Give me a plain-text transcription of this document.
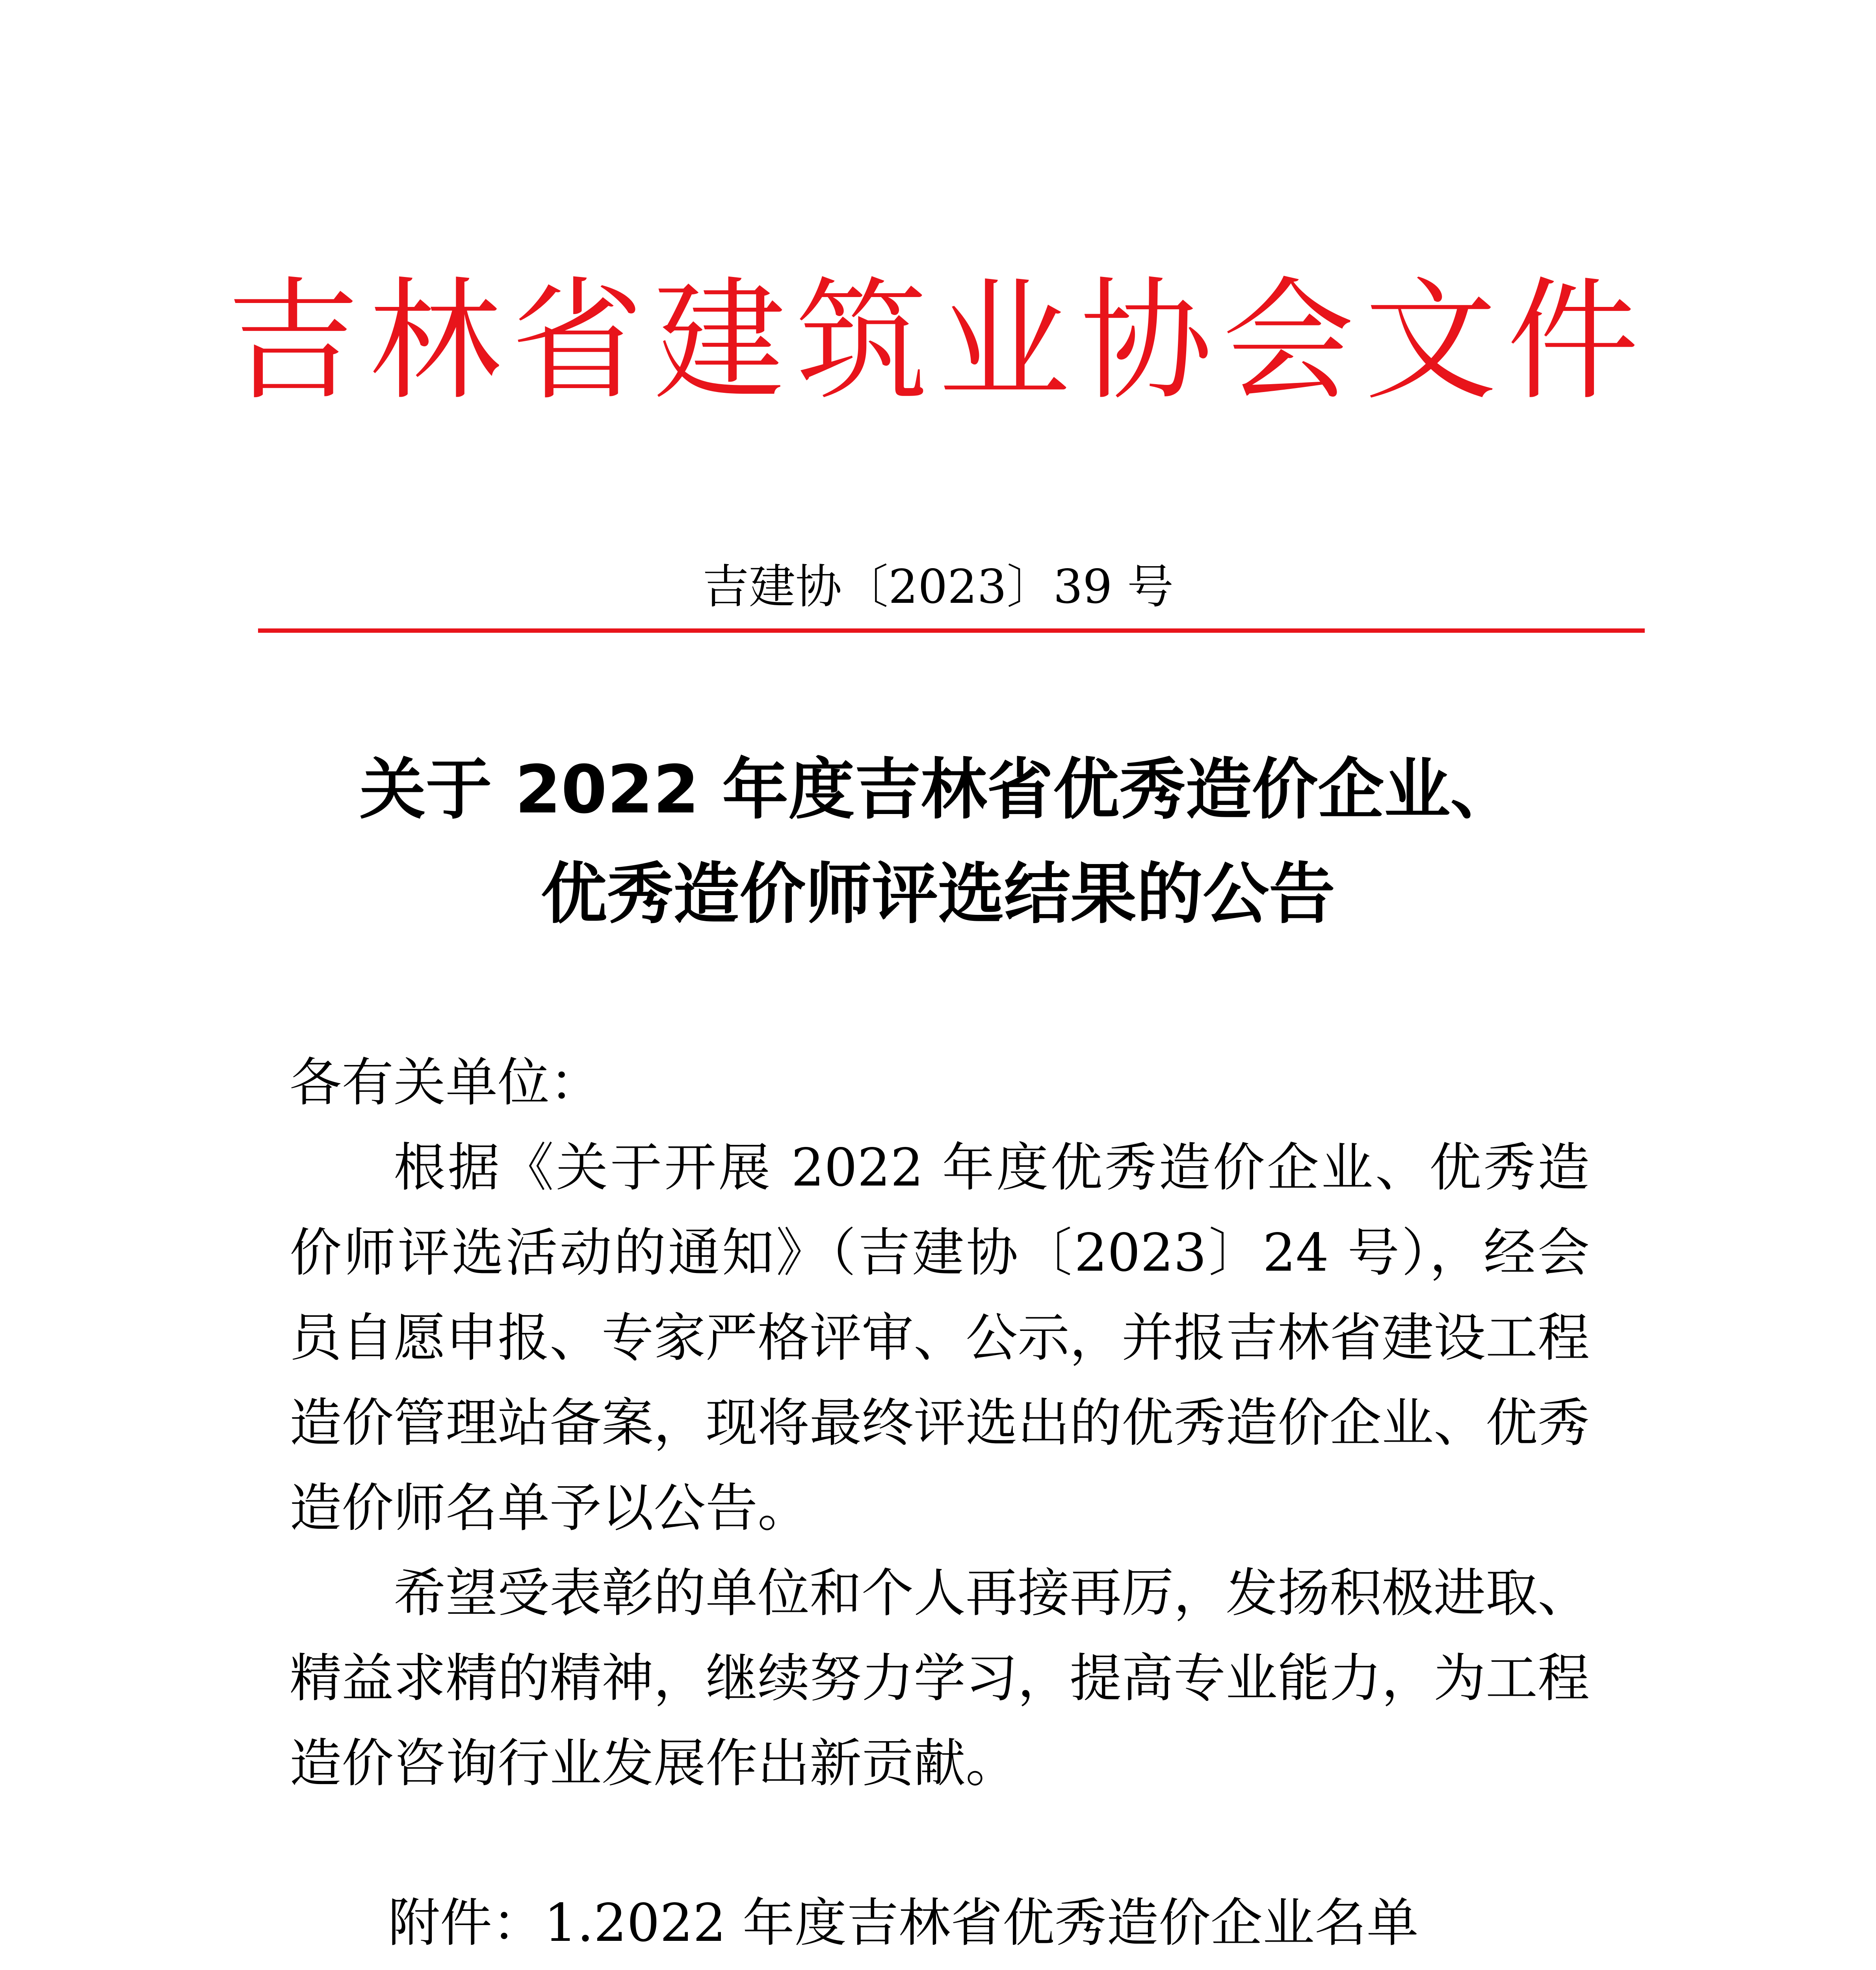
吉林省建筑业协会文件
吉建协〔2023〕39 号
关于 2022 年度吉林省优秀造价企业、
优秀造价师评选结果的公告

各有关单位：

根据《关于开展 2022 年度优秀造价企业、优秀造价师评选活动的通知》（吉建协〔2023〕24 号），经会员自愿申报、专家严格评审、公示，并报吉林省建设工程造价管理站备案，现将最终评选出的优秀造价企业、优秀造价师名单予以公告。

希望受表彰的单位和个人再接再厉，发扬积极进取、精益求精的精神，继续努力学习，提高专业能力，为工程造价咨询行业发展作出新贡献。

附件：1.2022 年度吉林省优秀造价企业名单
